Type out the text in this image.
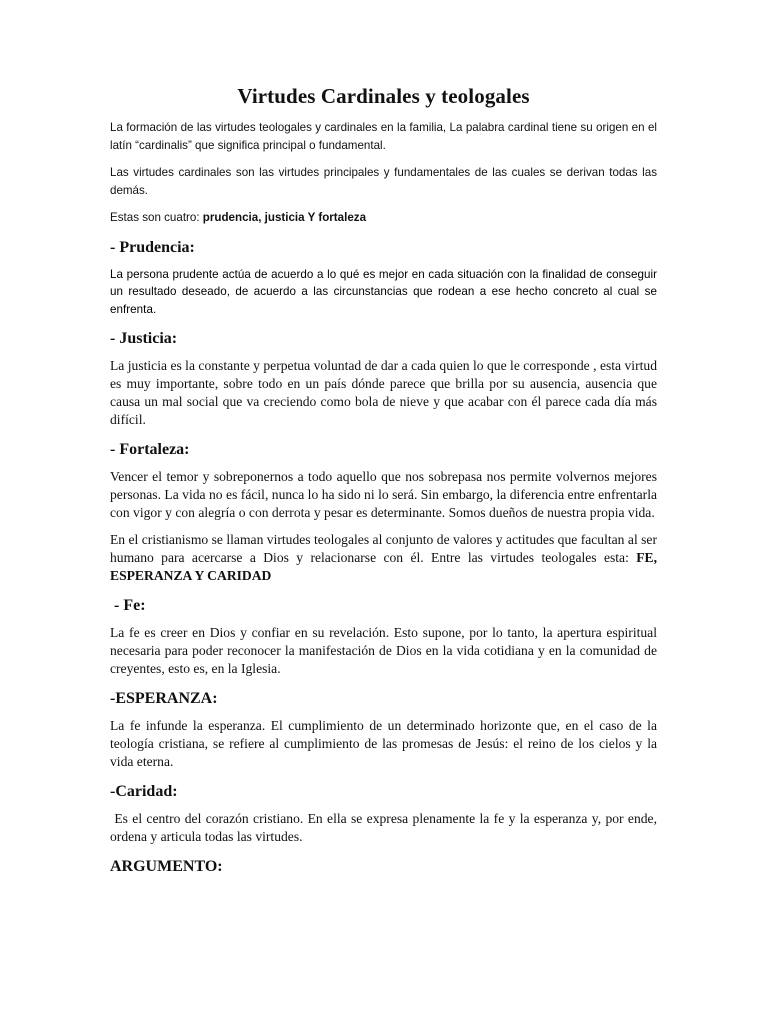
Virtudes Cardinales y teologales

La formación de las virtudes teologales y cardinales en la familia, La palabra cardinal tiene su origen en el latín “cardinalis” que significa principal o fundamental.

Las virtudes cardinales son las virtudes principales y fundamentales de las cuales se derivan todas las demás.

Estas son cuatro: prudencia, justicia Y fortaleza

- Prudencia:

La persona prudente actúa de acuerdo a lo qué es mejor en cada situación con la finalidad de conseguir un resultado deseado, de acuerdo a las circunstancias que rodean a ese hecho concreto al cual se enfrenta.

- Justicia:

La justicia es la constante y perpetua voluntad de dar a cada quien lo que le corresponde , esta virtud es muy importante, sobre todo en un país dónde parece que brilla por su ausencia, ausencia que causa un mal social que va creciendo como bola de nieve y que acabar con él parece cada día más difícil.

- Fortaleza:

Vencer el temor y sobreponernos a todo aquello que nos sobrepasa nos permite volvernos mejores personas. La vida no es fácil, nunca lo ha sido ni lo será. Sin embargo, la diferencia entre enfrentarla con vigor y con alegría o con derrota y pesar es determinante. Somos dueños de nuestra propia vida.

En el cristianismo se llaman virtudes teologales al conjunto de valores y actitudes que facultan al ser humano para acercarse a Dios y relacionarse con él. Entre las virtudes teologales esta: FE, ESPERANZA Y CARIDAD

- Fe:

La fe es creer en Dios y confiar en su revelación. Esto supone, por lo tanto, la apertura espiritual necesaria para poder reconocer la manifestación de Dios en la vida cotidiana y en la comunidad de creyentes, esto es, en la Iglesia.

-ESPERANZA:

La fe infunde la esperanza. El cumplimiento de un determinado horizonte que, en el caso de la teología cristiana, se refiere al cumplimiento de las promesas de Jesús: el reino de los cielos y la vida eterna.

-Caridad:

Es el centro del corazón cristiano. En ella se expresa plenamente la fe y la esperanza y, por ende, ordena y articula todas las virtudes.

ARGUMENTO:
